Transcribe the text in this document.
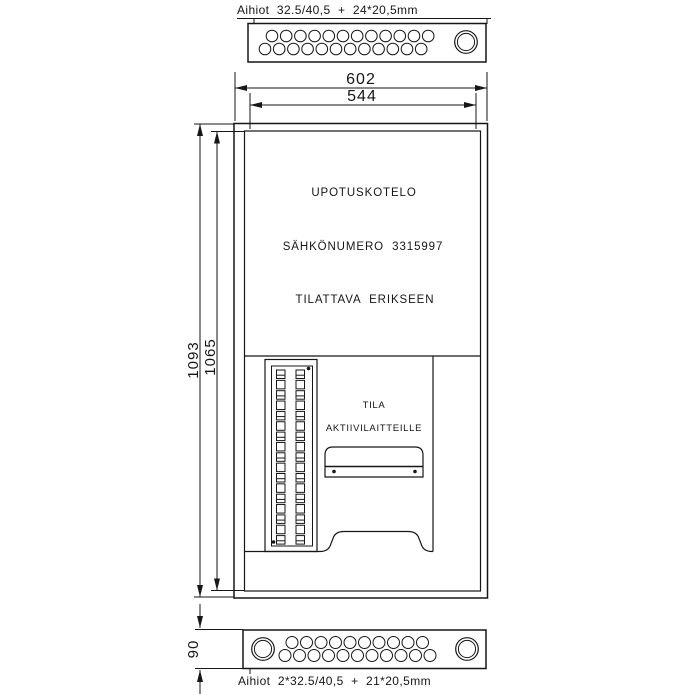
Aihiot  32.5/40,5  +  24*20,5mm
602
544
1093 1065
UPOTUSKOTELO
SÄHKÖNUMERO  3315997
TILATTAVA  ERIKSEEN
TILA
AKTIIVILAITTEILLE
90
Aihiot  2*32.5/40,5  +  21*20,5mm
